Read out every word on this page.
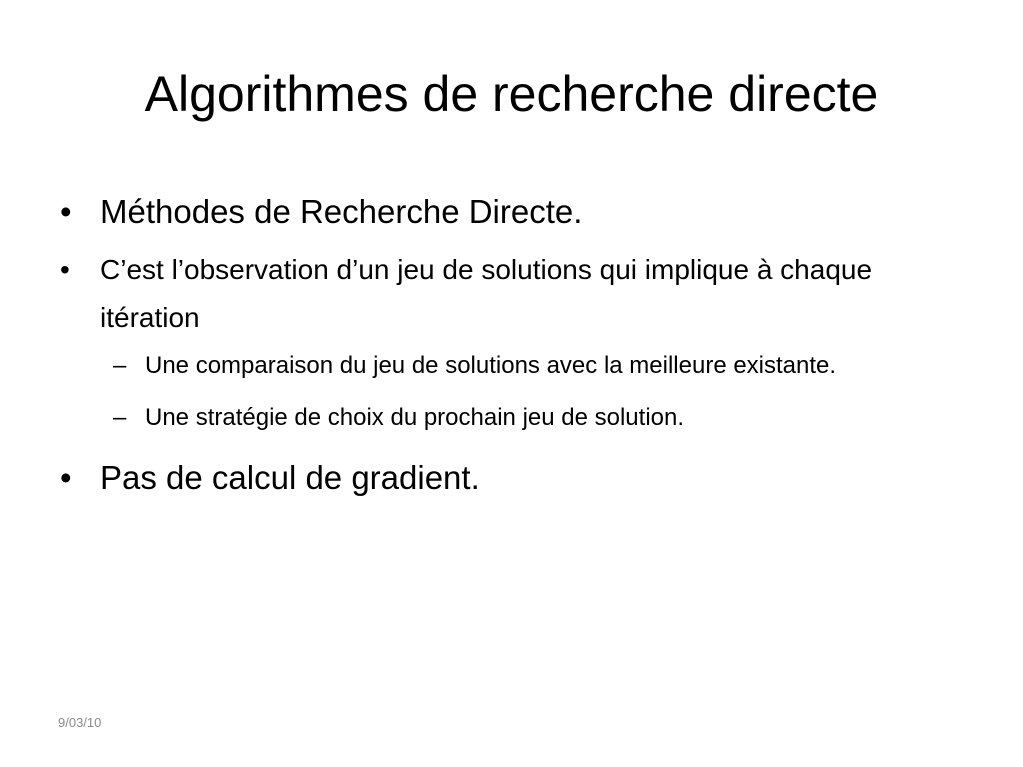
Algorithmes de recherche directe
• Méthodes de Recherche Directe.
• C’est l’observation d’un jeu de solutions qui implique à chaque itération
– Une comparaison du jeu de solutions avec la meilleure existante.
– Une stratégie de choix du prochain jeu de solution.
• Pas de calcul de gradient.
9/03/10
